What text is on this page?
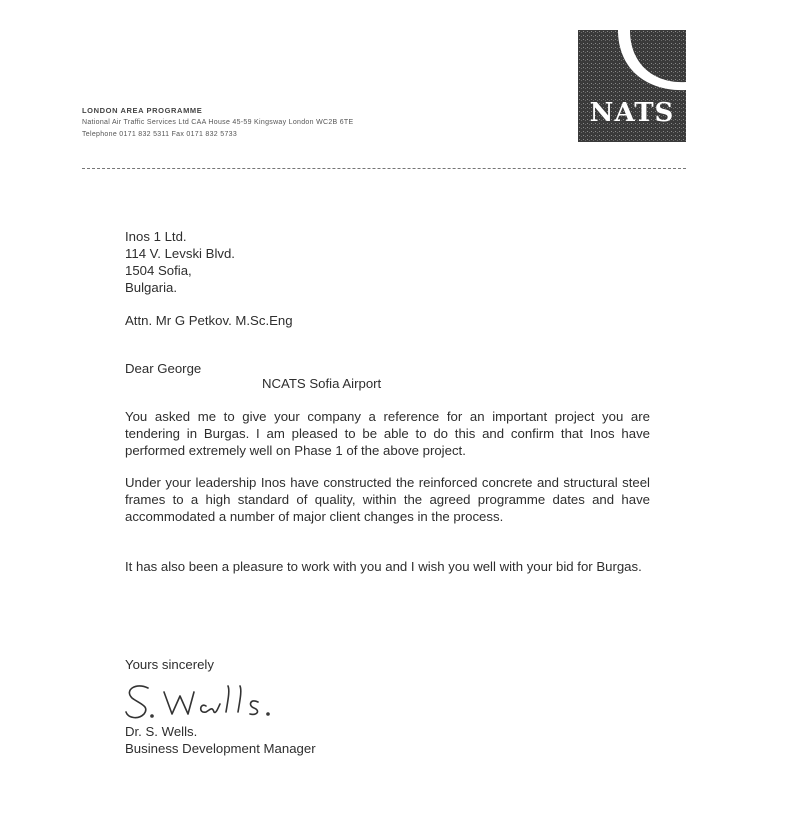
LONDON AREA PROGRAMME
National Air Traffic Services Ltd CAA House 45-59 Kingsway London WC2B 6TE
Telephone 0171 832 5311 Fax 0171 832 5733
NATS
Inos 1 Ltd.
114 V. Levski Blvd.
1504 Sofia,
Bulgaria.
Attn. Mr G Petkov. M.Sc.Eng
Dear George
NCATS Sofia Airport
You asked me to give your company a reference for an important project you are tendering in Burgas. I am pleased to be able to do this and confirm that Inos have performed extremely well on Phase 1 of the above project.
Under your leadership Inos have constructed the reinforced concrete and structural steel frames to a high standard of quality, within the agreed programme dates and have accommodated a number of major client changes in the process.
It has also been a pleasure to work with you and I wish you well with your bid for Burgas.
Yours sincerely
Dr. S. Wells.
Business Development Manager
